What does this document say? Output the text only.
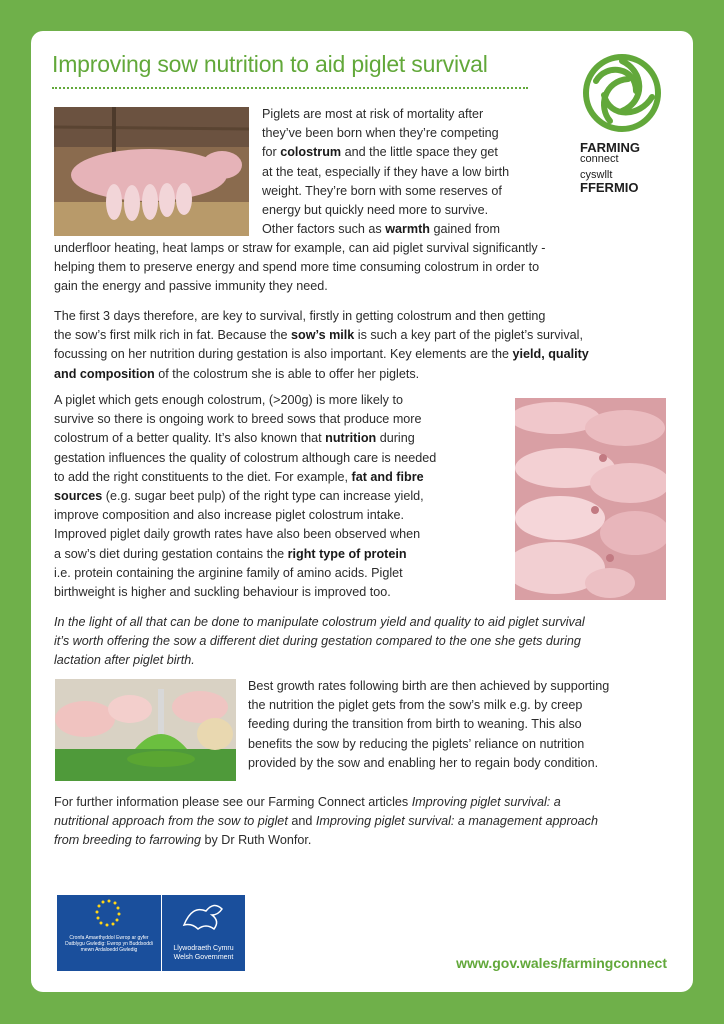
Improving sow nutrition to aid piglet survival
FARMING
connect
cyswllt
FFERMIO
Piglets are most at risk of mortality after
they’ve been born when they’re competing
for colostrum and the little space they get
at the teat, especially if they have a low birth
weight. They’re born with some reserves of
energy but quickly need more to survive.
Other factors such as warmth gained from
underfloor heating, heat lamps or straw for example, can aid piglet survival significantly -
helping them to preserve energy and spend more time consuming colostrum in order to
gain the energy and passive immunity they need.
The first 3 days therefore, are key to survival, firstly in getting colostrum and then getting
the sow’s first milk rich in fat. Because the sow’s milk is such a key part of the piglet’s survival,
focussing on her nutrition during gestation is also important. Key elements are the yield, quality
and composition of the colostrum she is able to offer her piglets.
A piglet which gets enough colostrum, (>200g) is more likely to
survive so there is ongoing work to breed sows that produce more
colostrum of a better quality. It’s also known that nutrition during
gestation influences the quality of colostrum although care is needed
to add the right constituents to the diet. For example, fat and fibre
sources (e.g. sugar beet pulp) of the right type can increase yield,
improve composition and also increase piglet colostrum intake.
Improved piglet daily growth rates have also been observed when
a sow’s diet during gestation contains the right type of protein
i.e. protein containing the arginine family of amino acids. Piglet
birthweight is higher and suckling behaviour is improved too.
In the light of all that can be done to manipulate colostrum yield and quality to aid piglet survival
it’s worth offering the sow a different diet during gestation compared to the one she gets during
lactation after piglet birth.
Best growth rates following birth are then achieved by supporting
the nutrition the piglet gets from the sow’s milk e.g. by creep
feeding during the transition from birth to weaning. This also
benefits the sow by reducing the piglets’ reliance on nutrition
provided by the sow and enabling her to regain body condition.
For further information please see our Farming Connect articles Improving piglet survival: a
nutritional approach from the sow to piglet and Improving piglet survival: a management approach
from breeding to farrowing by Dr Ruth Wonfor.
Cronfa Amaethyddol Ewrop ar gyfer Datblygu Gwledig: Ewrop yn Buddsoddi mewn Ardaloedd Gwledig	Llywodraeth Cymru
Welsh Government	www.gov.wales/farmingconnect
